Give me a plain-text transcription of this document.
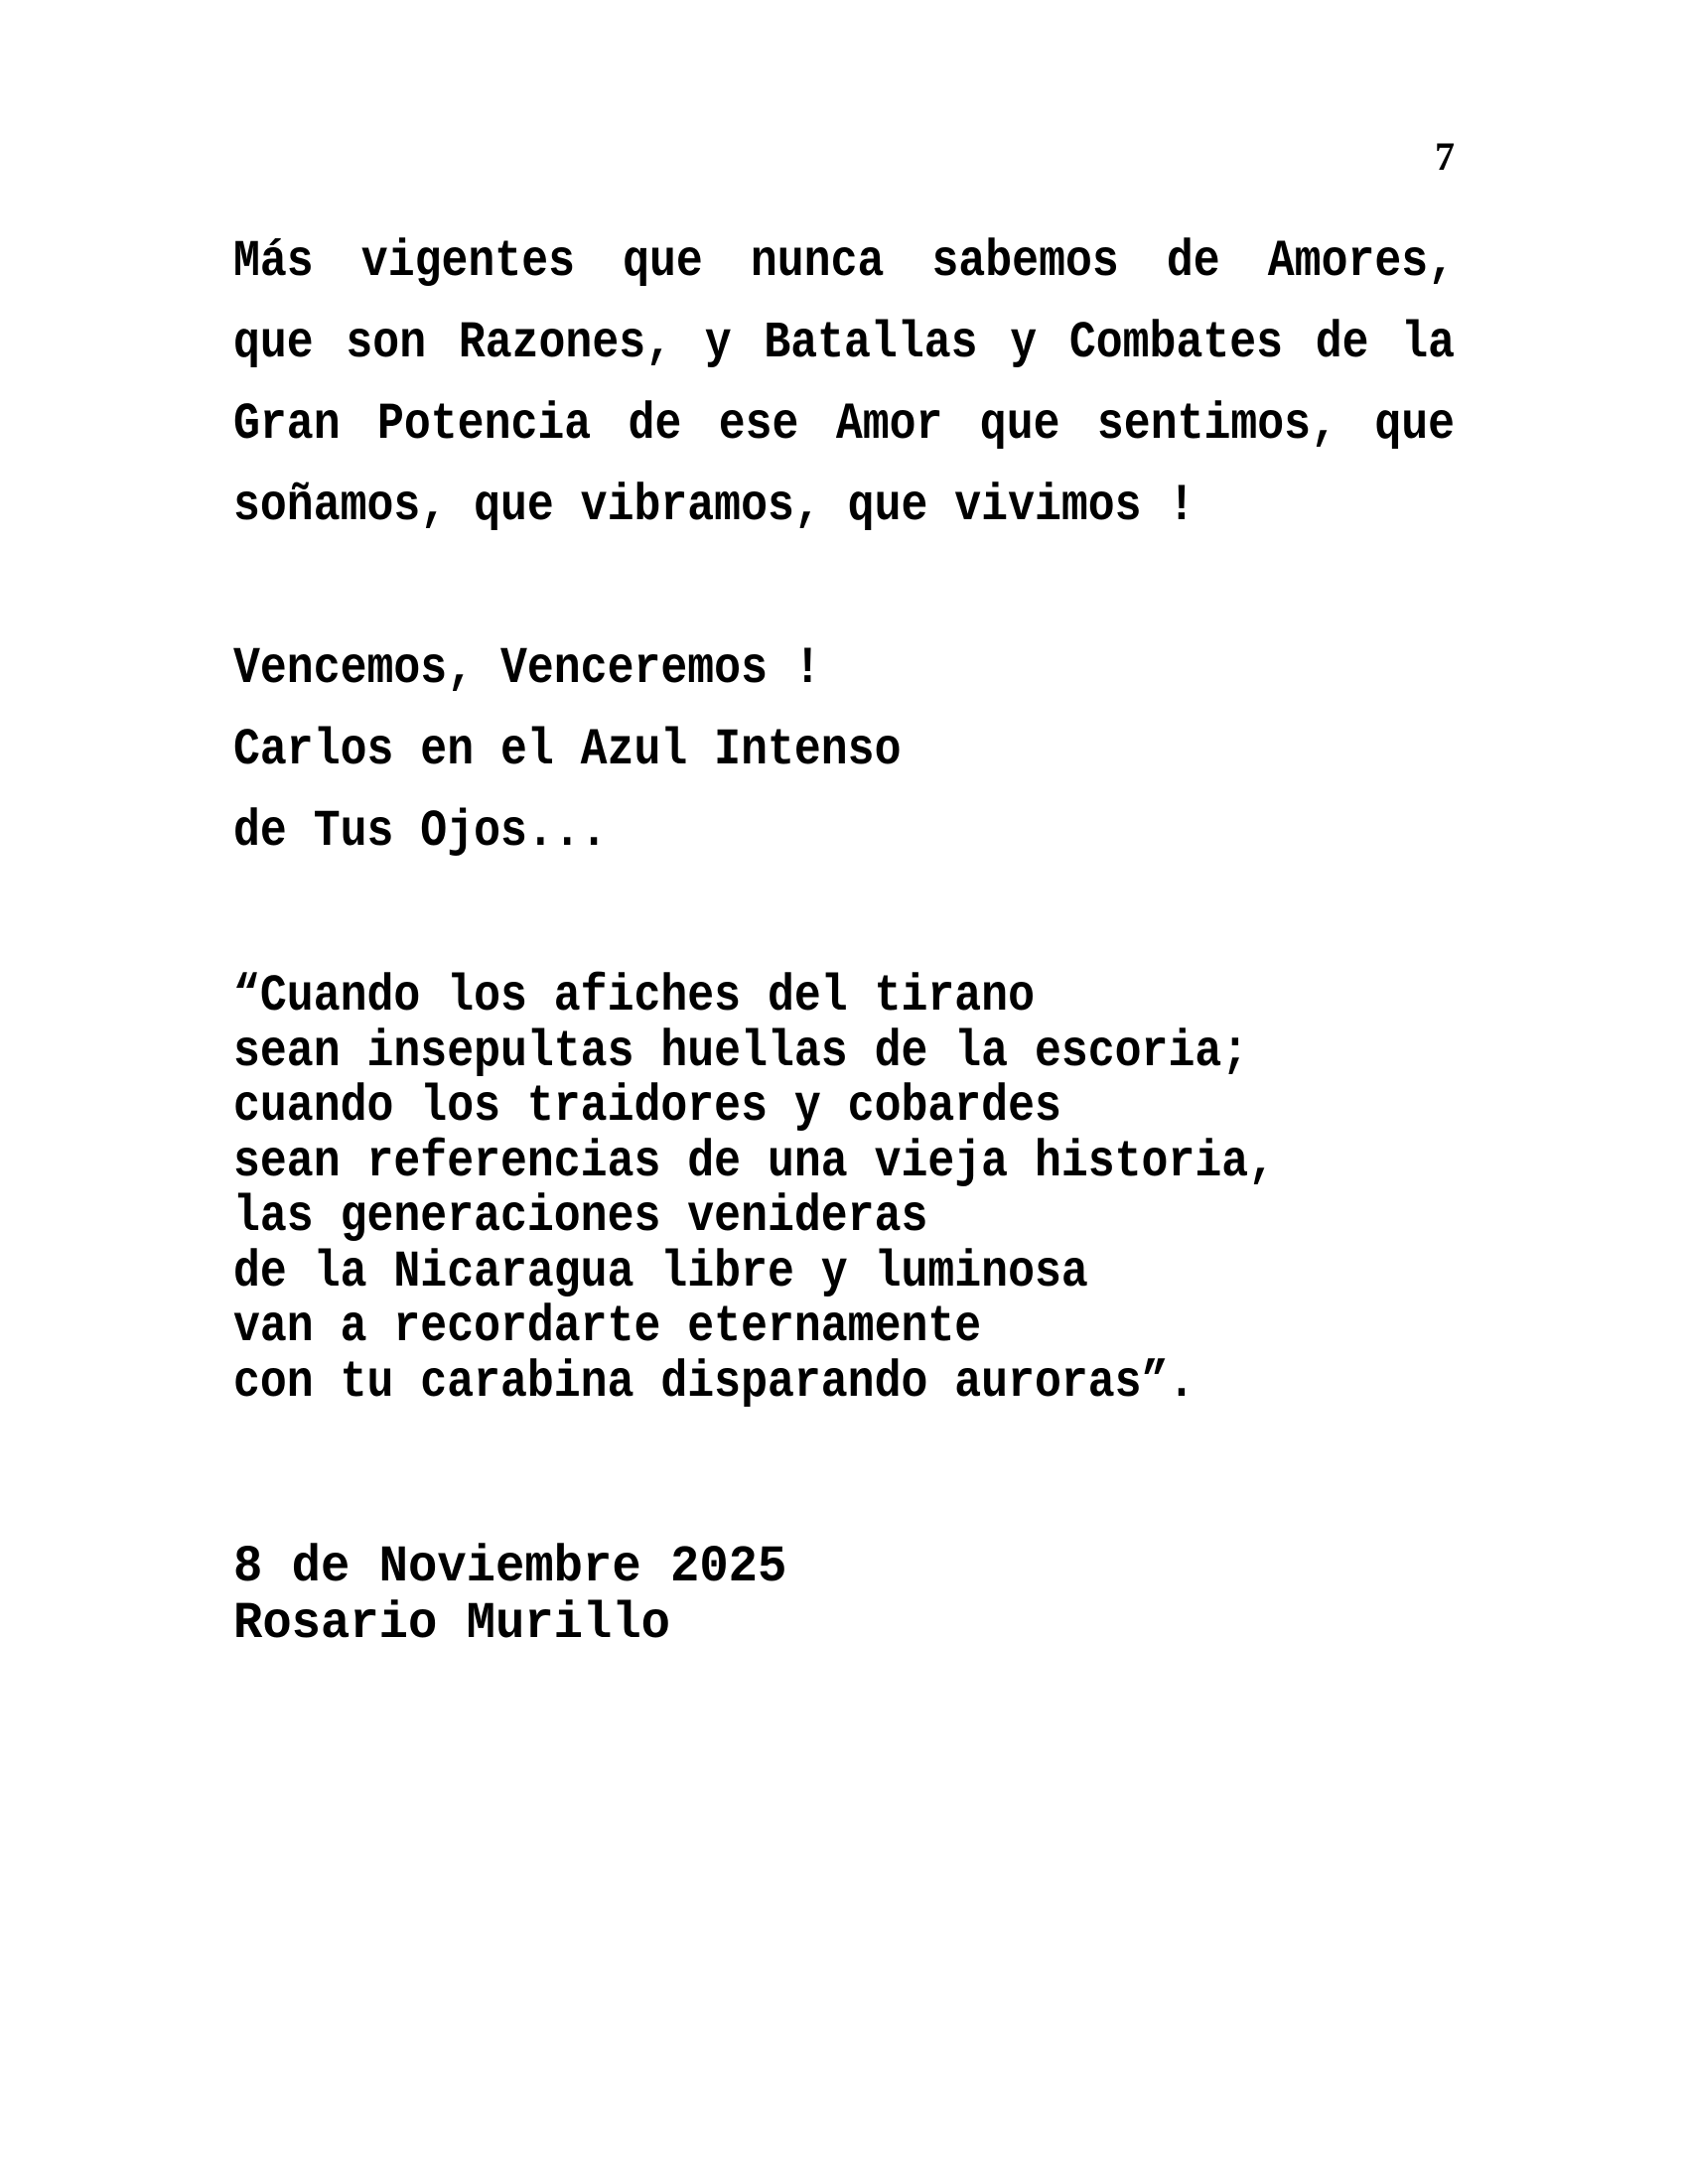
7
Más vigentes que nunca sabemos de Amores,
que son Razones, y Batallas y Combates de la
Gran Potencia de ese Amor que sentimos, que
soñamos, que vibramos, que vivimos !
Vencemos, Venceremos !
Carlos en el Azul Intenso
de Tus Ojos...
“Cuando los afiches del tirano
sean insepultas huellas de la escoria;
cuando los traidores y cobardes
sean referencias de una vieja historia,
las generaciones venideras
de la Nicaragua libre y luminosa
van a recordarte eternamente
con tu carabina disparando auroras”.
8 de Noviembre 2025
Rosario Murillo
